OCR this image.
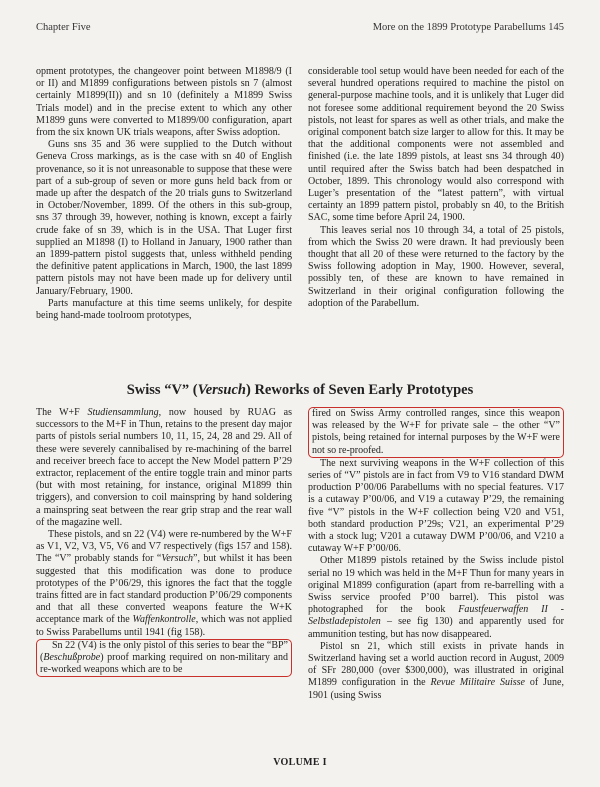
Chapter Five	More on the 1899 Prototype Parabellums 145

opment prototypes, the changeover point between M1898/9 (I or II) and M1899 configurations between pistols sn 7 (almost certainly M1899(II)) and sn 10 (definitely a M1899 Swiss Trials model) and in the precise extent to which any other M1899 guns were converted to M1899/00 configuration, apart from the six known UK trials weapons, after Swiss adoption.

Guns sns 35 and 36 were supplied to the Dutch without Geneva Cross markings, as is the case with sn 40 of English provenance, so it is not unreasonable to suppose that these were part of a sub-group of seven or more guns held back from or made up after the despatch of the 20 trials guns to Switzerland in October/November, 1899. Of the others in this sub-group, sns 37 through 39, however, nothing is known, except a fairly crude fake of sn 39, which is in the USA. That Luger first supplied an M1898 (I) to Holland in January, 1900 rather than an 1899-pattern pistol suggests that, unless withheld pending the definitive patent applications in March, 1900, the last 1899 pattern pistols may not have been made up for delivery until January/February, 1900.

Parts manufacture at this time seems unlikely, for despite being hand-made toolroom prototypes,

considerable tool setup would have been needed for each of the several hundred operations required to machine the pistol on general-purpose machine tools, and it is unlikely that Luger did not foresee some additional requirement beyond the 20 Swiss pistols, not least for spares as well as other trials, and make the original component batch size larger to allow for this. It may be that the additional components were not assembled and finished (i.e. the late 1899 pistols, at least sns 34 through 40) until required after the Swiss batch had been despatched in October, 1899. This chronology would also correspond with Luger’s presentation of the “latest pattern”, with virtual certainty an 1899 pattern pistol, probably sn 40, to the British SAC, some time before April 24, 1900.

This leaves serial nos 10 through 34, a total of 25 pistols, from which the Swiss 20 were drawn. It had previously been thought that all 20 of these were returned to the factory by the Swiss following adoption in May, 1900. However, several, possibly ten, of these are known to have remained in Switzerland in their original configuration following the adoption of the Parabellum.

Swiss “V” (Versuch) Reworks of Seven Early Prototypes

The W+F Studiensammlung, now housed by RUAG as successors to the M+F in Thun, retains to the present day major parts of pistols serial numbers 10, 11, 15, 24, 28 and 29. All of these were severely cannibalised by re-machining of the barrel and receiver breech face to accept the New Model pattern P’29 extractor, replacement of the entire toggle train and minor parts (but with most retaining, for instance, original M1899 thin triggers), and conversion to coil mainspring by hand soldering a mainspring seat between the rear grip strap and the rear wall of the magazine well.

These pistols, and sn 22 (V4) were re-numbered by the W+F as V1, V2, V3, V5, V6 and V7 respectively (figs 157 and 158). The “V” probably stands for “Versuch”, but whilst it has been suggested that this modification was done to produce prototypes of the P’06/29, this ignores the fact that the toggle trains fitted are in fact standard production P’06/29 components and that all these converted weapons feature the W+K acceptance mark of the Waffenkontrolle, which was not applied to Swiss Parabellums until 1941 (fig 158).

Sn 22 (V4) is the only pistol of this series to bear the “BP” (Beschußprobe) proof marking required on non-military and re-worked weapons which are to be

fired on Swiss Army controlled ranges, since this weapon was released by the W+F for private sale – the other “V” pistols, being retained for internal purposes by the W+F were not so re-proofed.

The next surviving weapons in the W+F collection of this series of “V” pistols are in fact from V9 to V16 standard DWM production P’00/06 Parabellums with no special features. V17 is a cutaway P’00/06, and V19 a cutaway P’29, the remaining five “V” pistols in the W+F collection being V20 and V51, both standard production P’29s; V21, an experimental P’29 with a stock lug; V201 a cutaway DWM P’00/06, and V210 a cutaway W+F P’00/06.

Other M1899 pistols retained by the Swiss include pistol serial no 19 which was held in the M+F Thun for many years in original M1899 configuration (apart from re-barrelling with a Swiss service proofed P’00 barrel). This pistol was photographed for the book Faustfeuerwaffen II - Selbstladepistolen – see fig 130) and apparently used for ammunition testing, but has now disappeared.

Pistol sn 21, which still exists in private hands in Switzerland having set a world auction record in August, 2009 of SFr 280,000 (over $300,000), was illustrated in original M1899 configuration in the Revue Militaire Suisse of June, 1901 (using Swiss

VOLUME I
